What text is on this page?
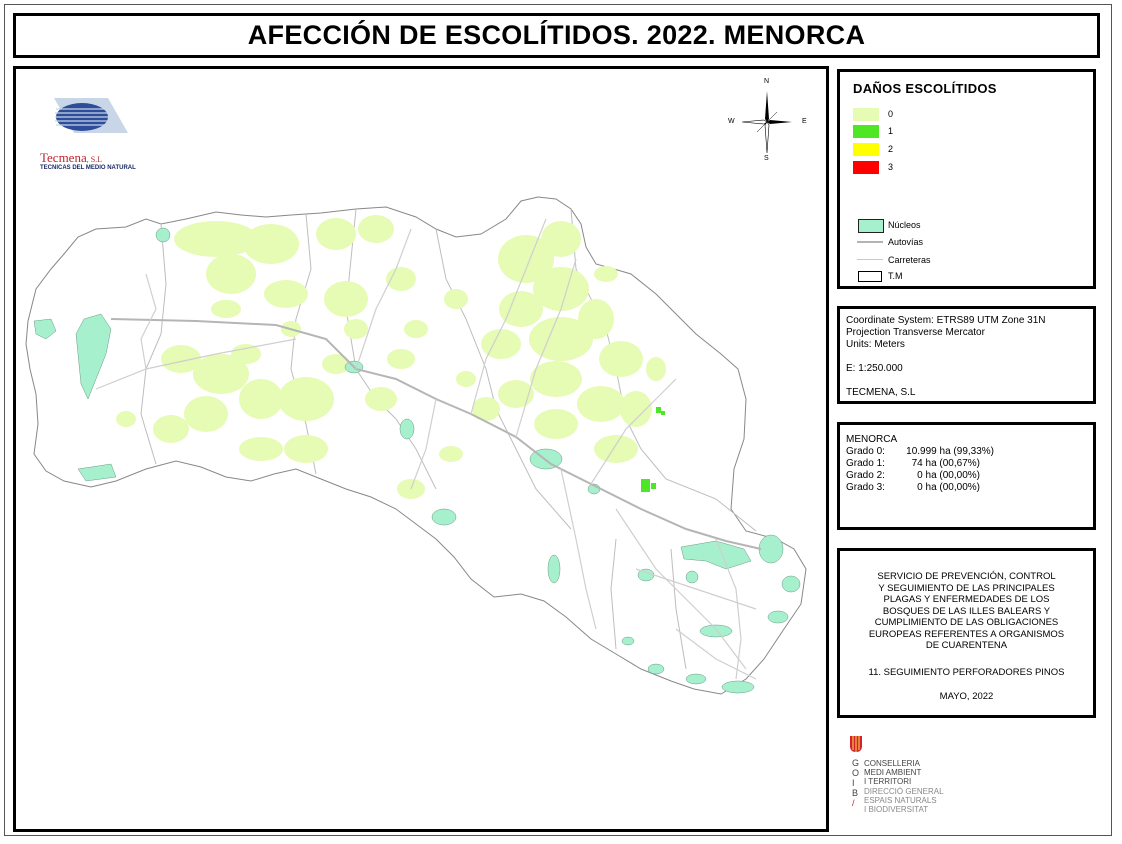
AFECCIÓN DE ESCOLÍTIDOS. 2022. MENORCA
Tecmena, S.L
TECNICAS DEL MEDIO NATURAL
N
S
W	E
DAÑOS ESCOLÍTIDOS
0
1
2
3
Núcleos
Autovías
Carreteras
T.M
Coordinate System: ETRS89 UTM Zone 31N
Projection Transverse Mercator
Units: Meters
E: 1:250.000
TECMENA, S.L
MENORCA
Grado 0: 10.999 ha (99,33%)
Grado 1:	74 ha (00,67%)
Grado 2:	0 ha (00,00%)
Grado 3:	0 ha (00,00%)
SERVICIO DE PREVENCIÓN, CONTROL
Y SEGUIMIENTO DE LAS PRINCIPALES
PLAGAS Y ENFERMEDADES DE LOS
BOSQUES DE LAS ILLES BALEARS Y
CUMPLIMIENTO DE LAS OBLIGACIONES
EUROPEAS REFERENTES A ORGANISMOS
DE CUARENTENA
11. SEGUIMIENTO PERFORADORES PINOS
MAYO, 2022
G
O
I
B
/
CONSELLERIA
MEDI AMBIENT
I TERRITORI
DIRECCIÓ GENERAL
ESPAIS NATURALS
I BIODIVERSITAT
